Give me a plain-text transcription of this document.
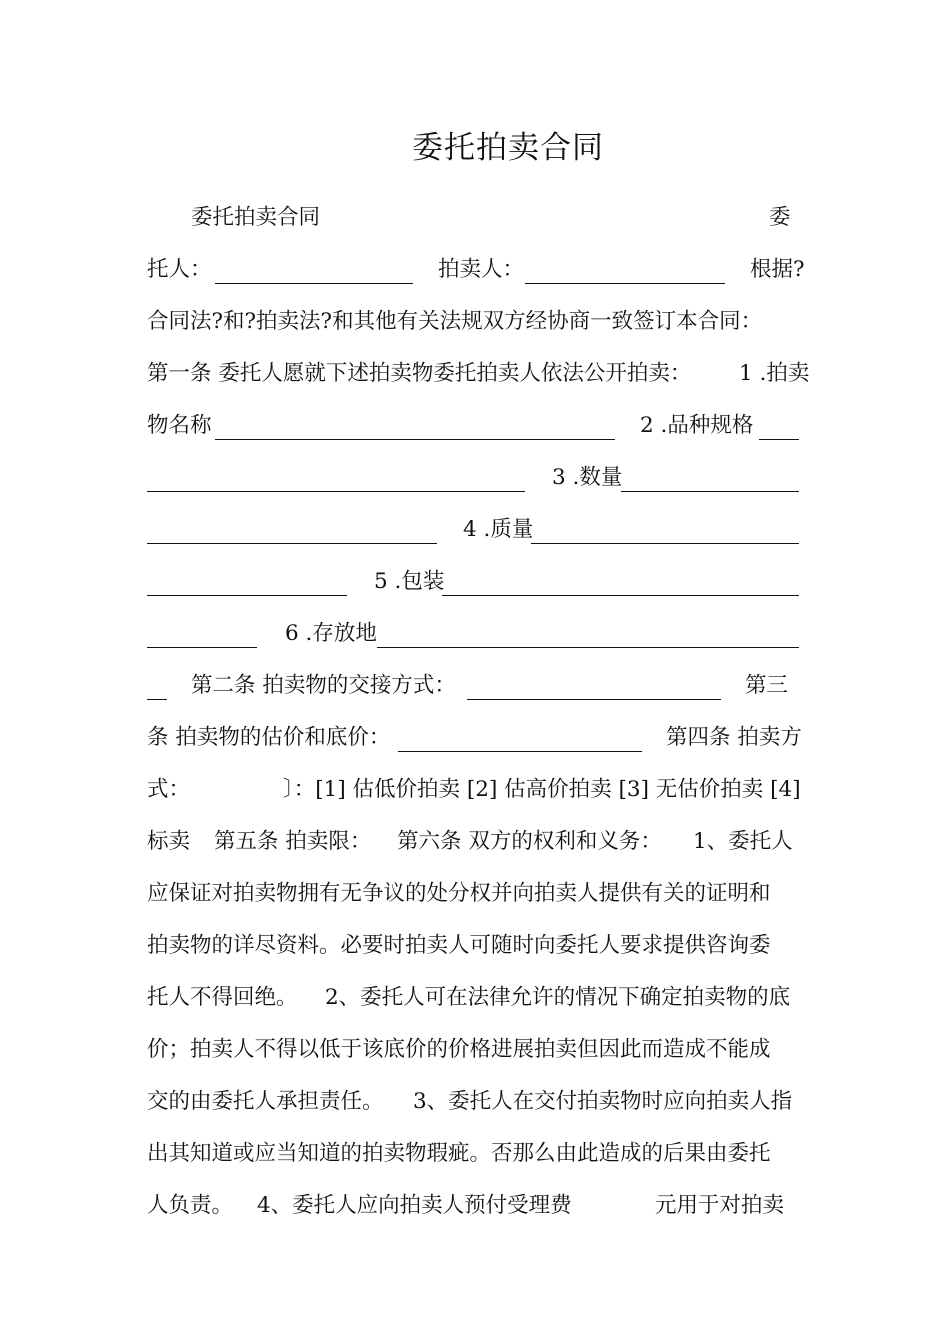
委托拍卖合同
委托拍卖合同	委
托人：	拍卖人：	根据?
合同法?和?拍卖法?和其他有关法规双方经协商一致签订本合同：
第一条 委托人愿就下述拍卖物委托拍卖人依法公开拍卖： 1 .拍卖
物名称	2 .品种规格
3 .数量
4 .质量
5 .包装
6 .存放地
第二条 拍卖物的交接方式：	第三
条 拍卖物的估价和底价：	第四条 拍卖方
式：	〕：[1] 估低价拍卖 [2] 估高价拍卖 [3] 无估价拍卖 [4]
标卖 第五条 拍卖限： 第六条 双方的权利和义务： 1、委托人
应保证对拍卖物拥有无争议的处分权并向拍卖人提供有关的证明和
拍卖物的详尽资料。必要时拍卖人可随时向委托人要求提供咨询委
托人不得回绝。 2、委托人可在法律允许的情况下确定拍卖物的底
价；拍卖人不得以低于该底价的价格进展拍卖但因此而造成不能成
交的由委托人承担责任。 3、委托人在交付拍卖物时应向拍卖人指
出其知道或应当知道的拍卖物瑕疵。否那么由此造成的后果由委托
人负责。 4、委托人应向拍卖人预付受理费	元用于对拍卖
